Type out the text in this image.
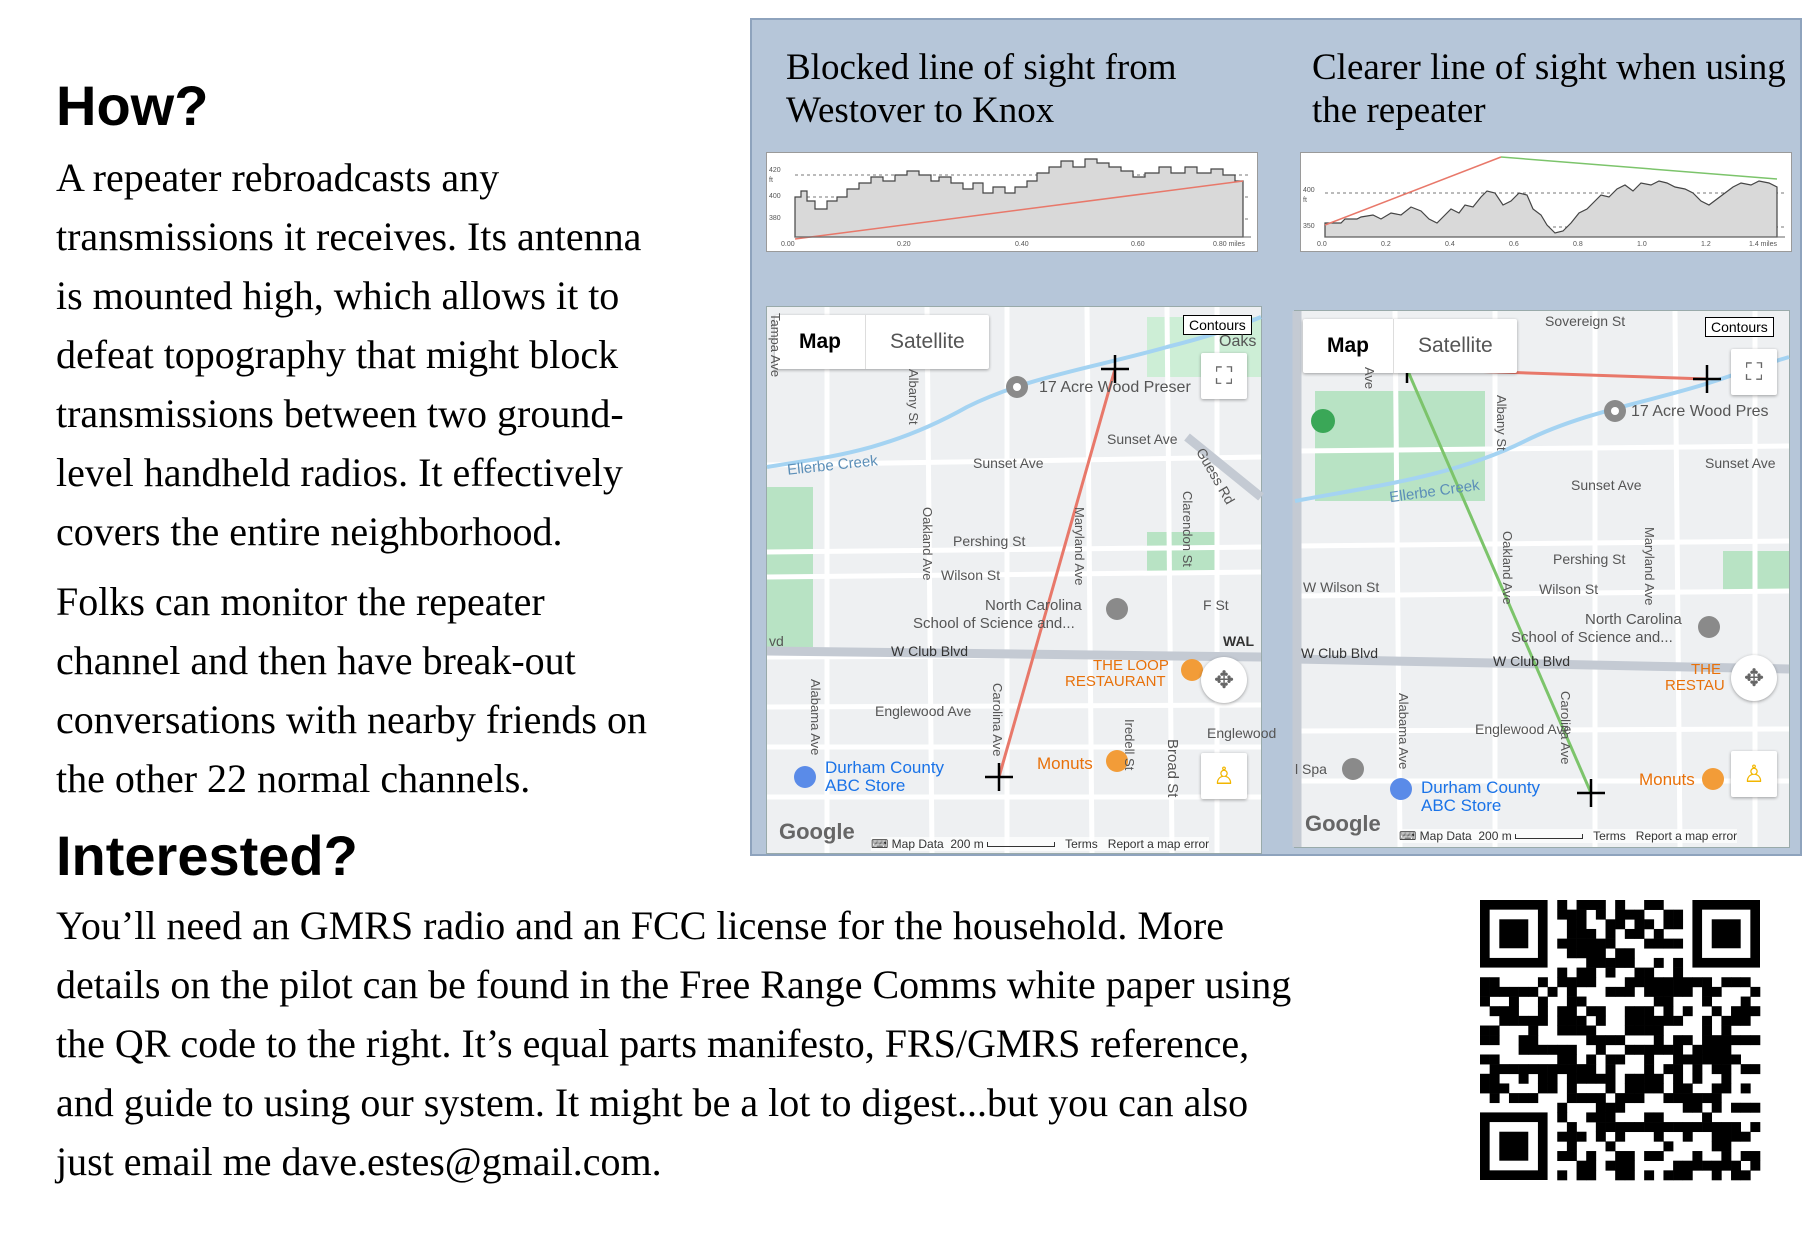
How?
A repeater rebroadcasts any
transmissions it receives. Its antenna
is mounted high, which allows it to
defeat topography that might block
transmissions between two ground-
level handheld radios. It effectively
covers the entire neighborhood.
Folks can monitor the repeater
channel and then have break-out
conversations with nearby friends on
the other 22 normal channels.
Interested?
You’ll need an GMRS radio and an FCC license for the household. More
details on the pilot can be found in the Free Range Comms white paper using
the QR code to the right. It’s equal parts manifesto, FRS/GMRS reference,
and guide to using our system. It might be a lot to digest...but you can also
just email me dave.estes@gmail.com.
Blocked line of sight from
Westover to Knox
Clearer line of sight when using
the repeater
420
ft
400
380
0.00	0.20	0.40	0.60	0.80 miles
400
ft
350
0.0	0.2	0.4	0.6	0.8	1.0	1.2	1.4 miles
Map	Satellite
Contours
Oaks
⛶
✥
♙
17 Acre Wood Preser
Ellerbe Creek	Sunset Ave
Sunset Ave
Pershing St
Wilson St
North Carolina
School of Science and...
W Club Blvd
THE LOOP
RESTAURANT
Englewood Ave
Englewood
F St
WAL
vd
Durham County
ABC Store
Monuts
Tampa Ave
Albany St
Oakland Ave	Maryland Ave
Carolina Ave
Alabama Ave
Clarendon St
Iredell St Broad St
Guess Rd
Google ⌨ Map Data 200 m	Terms Report a map error
Map	Satellite
Contours
Sovereign St
⛶
✥
♙
17 Acre Wood Pres
Ellerbe Creek	Sunset Ave
Sunset Ave
Pershing St
W Wilson St	Wilson St
North Carolina
School of Science and...
W Club Blvd	W Club Blvd	THE
RESTAU
Englewood Ave
l Spa
Durham County
ABC Store
Monuts
Ave
Albany St
Oakland Ave	Maryland Ave
Carolina Ave
Alabama Ave
Google ⌨ Map Data 200 m	Terms Report a map error
